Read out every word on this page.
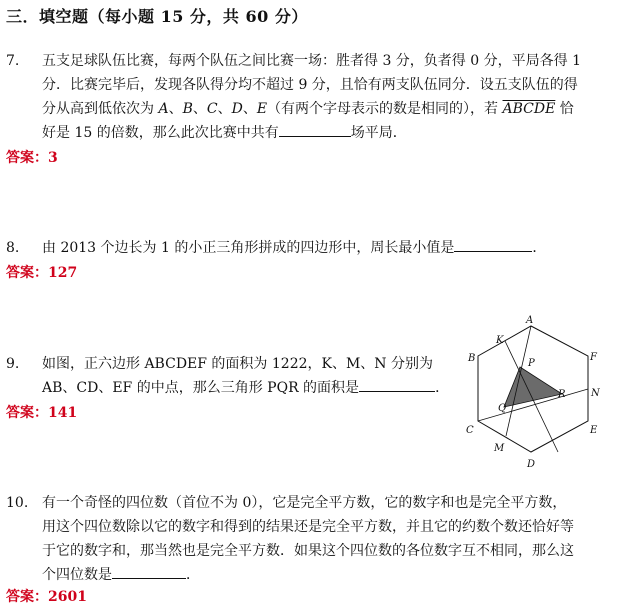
三．填空题（每小题 15 分，共 60 分）
7. 五支足球队伍比赛，每两个队伍之间比赛一场：胜者得 3 分，负者得 0 分，平局各得 1
分．比赛完毕后，发现各队得分均不超过 9 分，且恰有两支队伍同分．设五支队伍的得
分从高到低依次为 A、B、C、D、E（有两个字母表示的数是相同的），若 ABCDE 恰
好是 15 的倍数，那么此次比赛中共有	场平局．
答案：3
8. 由 2013 个边长为 1 的小正三角形拼成的四边形中，周长最小值是	．
答案：127
9. 如图，正六边形 ABCDEF 的面积为 1222，K、M、N 分别为
AB、CD、EF 的中点，那么三角形 PQR 的面积是	．
答案：141
A
B
C
D
E
F
K
M
N
P
Q
R
10. 有一个奇怪的四位数（首位不为 0），它是完全平方数，它的数字和也是完全平方数，
用这个四位数除以它的数字和得到的结果还是完全平方数，并且它的约数个数还恰好等
于它的数字和，那当然也是完全平方数．如果这个四位数的各位数字互不相同，那么这
个四位数是	．
答案：2601
